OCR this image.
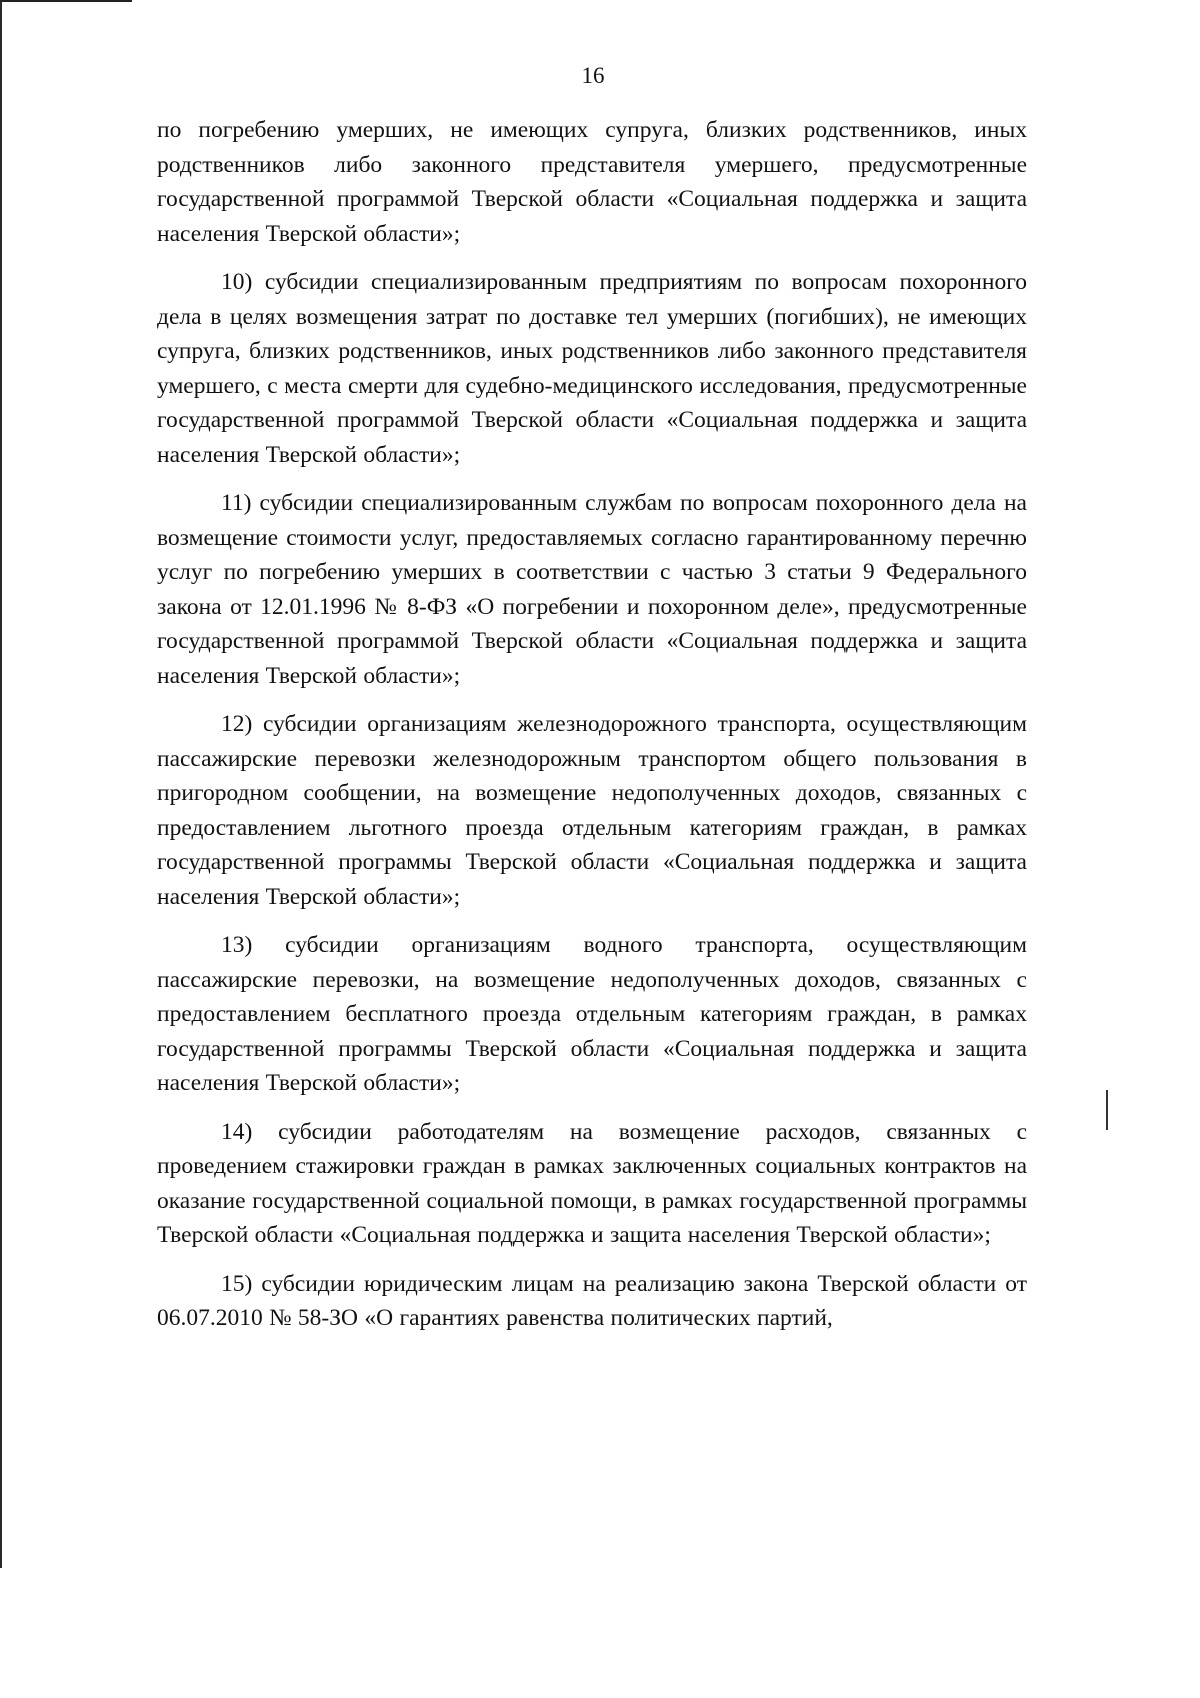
16

по погребению умерших, не имеющих супруга, близких родственников, иных родственников либо законного представителя умершего, предусмотренные государственной программой Тверской области «Социальная поддержка и защита населения Тверской области»;

10) субсидии специализированным предприятиям по вопросам похоронного дела в целях возмещения затрат по доставке тел умерших (погибших), не имеющих супруга, близких родственников, иных родственников либо законного представителя умершего, с места смерти для судебно-медицинского исследования, предусмотренные государственной программой Тверской области «Социальная поддержка и защита населения Тверской области»;

11) субсидии специализированным службам по вопросам похоронного дела на возмещение стоимости услуг, предоставляемых согласно гарантированному перечню услуг по погребению умерших в соответствии с частью 3 статьи 9 Федерального закона от 12.01.1996 № 8-ФЗ «О погребении и похоронном деле», предусмотренные государственной программой Тверской области «Социальная поддержка и защита населения Тверской области»;

12) субсидии организациям железнодорожного транспорта, осуществляющим пассажирские перевозки железнодорожным транспортом общего пользования в пригородном сообщении, на возмещение недополученных доходов, связанных с предоставлением льготного проезда отдельным категориям граждан, в рамках государственной программы Тверской области «Социальная поддержка и защита населения Тверской области»;

13) субсидии организациям водного транспорта, осуществляющим пассажирские перевозки, на возмещение недополученных доходов, связанных с предоставлением бесплатного проезда отдельным категориям граждан, в рамках государственной программы Тверской области «Социальная поддержка и защита населения Тверской области»;

14) субсидии работодателям на возмещение расходов, связанных с проведением стажировки граждан в рамках заключенных социальных контрактов на оказание государственной социальной помощи, в рамках государственной программы Тверской области «Социальная поддержка и защита населения Тверской области»;

15) субсидии юридическим лицам на реализацию закона Тверской области от 06.07.2010 № 58-ЗО «О гарантиях равенства политических партий,
